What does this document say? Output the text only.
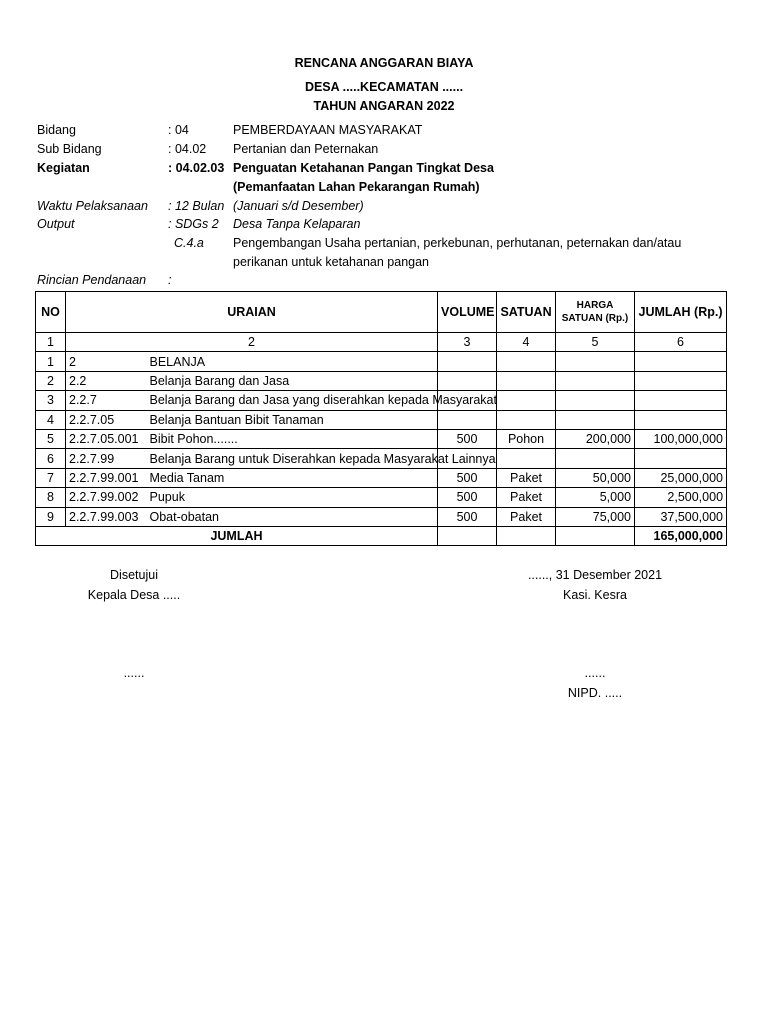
RENCANA ANGGARAN BIAYA
DESA .....KECAMATAN ......
TAHUN ANGARAN 2022
Bidang	: 04	PEMBERDAYAAN MASYARAKAT
Sub Bidang	: 04.02 Pertanian dan Peternakan
Kegiatan	: 04.02.03 Penguatan Ketahanan Pangan Tingkat Desa
(Pemanfaatan Lahan Pekarangan Rumah)
Waktu Pelaksanaan : 12 Bulan (Januari s/d Desember)
Output	: SDGs 2 Desa Tanpa Kelaparan
C.4.a Pengembangan Usaha pertanian, perkebunan, perhutanan, peternakan dan/atau
perikanan untuk ketahanan pangan
Rincian Pendanaan :
NO	URAIAN		VOLUME	SATUAN	HARGA
SATUAN (Rp.)	JUMLAH (Rp.)
1	2		3	4	5	6
1	2	BELANJA				
2	2.2	Belanja Barang dan Jasa				
3	2.2.7	Belanja Barang dan Jasa yang diserahkan kepada Masyarakat				
4	2.2.7.05	Belanja Bantuan Bibit Tanaman				
5	2.2.7.05.001	Bibit Pohon.......	500	Pohon	200,000	100,000,000
6	2.2.7.99	Belanja Barang untuk Diserahkan kepada Masyarakat Lainnya				
7	2.2.7.99.001	Media Tanam	500	Paket	50,000	25,000,000
8	2.2.7.99.002	Pupuk	500	Paket	5,000	2,500,000
9	2.2.7.99.003	Obat-obatan	500	Paket	75,000	37,500,000
JUMLAH						165,000,000
Disetujui
Kepala Desa .....
......
......, 31 Desember 2021
Kasi. Kesra
......
NIPD. .....
